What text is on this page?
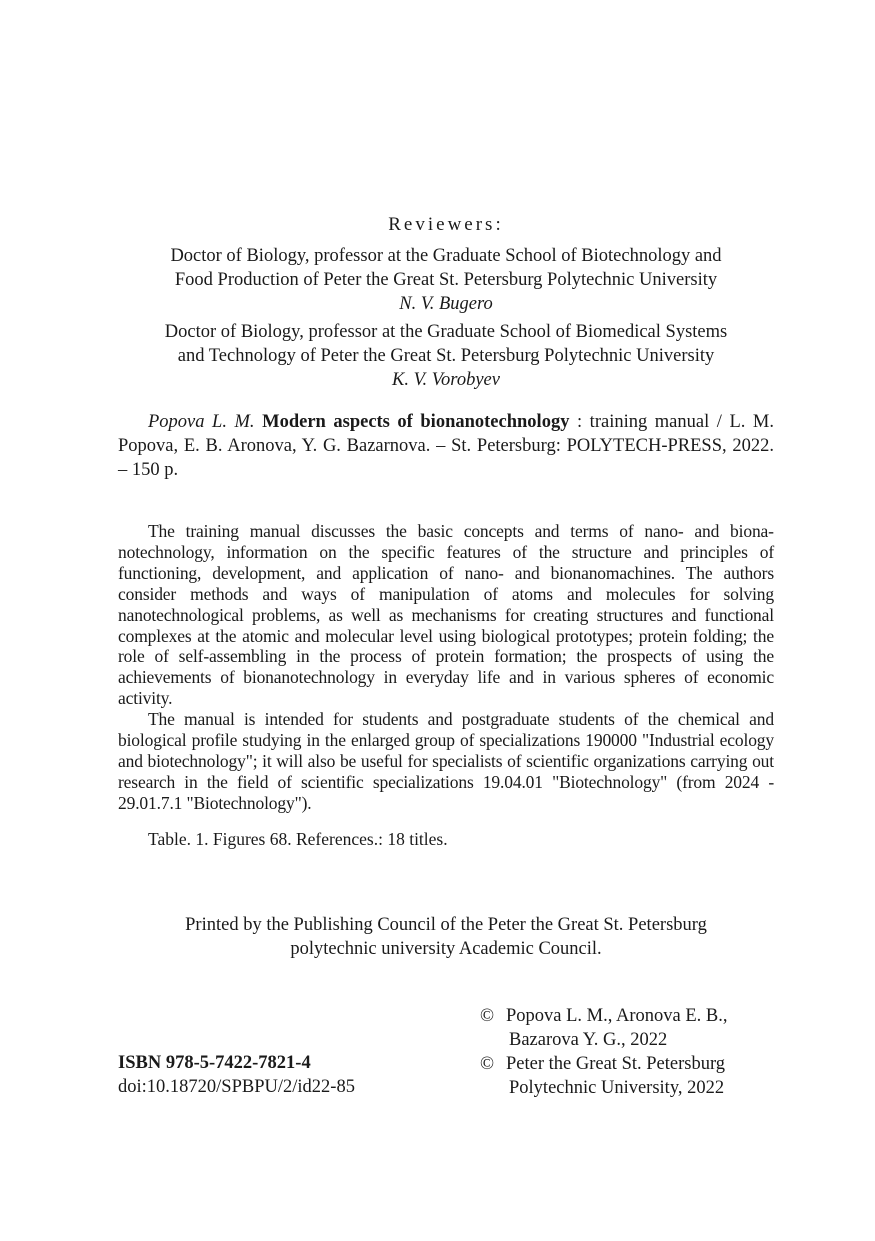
Reviewers:
Doctor of Biology, professor at the Graduate School of Biotechnology and
Food Production of Peter the Great St. Petersburg Polytechnic University
N. V. Bugero
Doctor of Biology, professor at the Graduate School of Biomedical Systems
and Technology of Peter the Great St. Petersburg Polytechnic University
K. V. Vorobyev
Popova L. M. Modern aspects of bionanotechnology : training manual / L. M. Popova, E. B. Aronova, Y. G. Bazarnova. – St. Petersburg: POLYTECH-PRESS, 2022. – 150 p.

The training manual discusses the basic concepts and terms of nano- and bionanotechnology, information on the specific features of the structure and principles of functioning, development, and application of nano- and bionanomachines. The authors consider methods and ways of manipulation of atoms and molecules for solving nanotechnological problems, as well as mechanisms for creating structures and functional complexes at the atomic and molecular level using biological prototypes; protein folding; the role of self-assembling in the process of protein formation; the prospects of using the achievements of bionanotechnology in everyday life and in various spheres of economic activity.

The manual is intended for students and postgraduate students of the chemical and biological profile studying in the enlarged group of specializations 190000 "Industrial ecology and biotechnology"; it will also be useful for specialists of scientific organizations carrying out research in the field of scientific specializations 19.04.01 "Biotechnology" (from 2024 - 29.01.7.1 "Biotechnology").

Table. 1. Figures 68. References.: 18 titles.
Printed by the Publishing Council of the Peter the Great St. Petersburg
polytechnic university Academic Council.
ISBN 978-5-7422-7821-4
doi:10.18720/SPBPU/2/id22-85
© Popova L. M., Aronova E. B.,
Bazarova Y. G., 2022
© Peter the Great St. Petersburg
Polytechnic University, 2022
